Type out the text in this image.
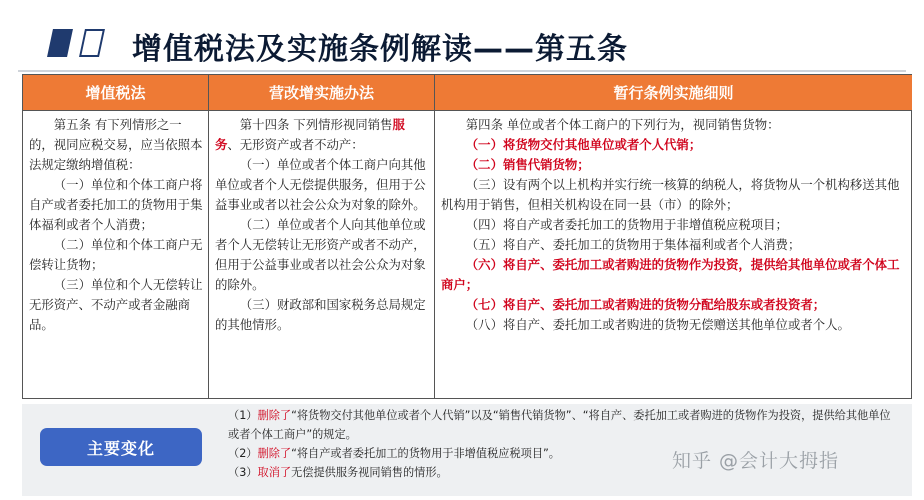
增值税法及实施条例解读——第五条
增值税法

第五条 有下列情形之一的，视同应税交易，应当依照本法规定缴纳增值税：

（一）单位和个体工商户将自产或者委托加工的货物用于集体福利或者个人消费；

（二）单位和个体工商户无偿转让货物；

（三）单位和个人无偿转让无形资产、不动产或者金融商品。

营改增实施办法

第十四条 下列情形视同销售服务、无形资产或者不动产：

（一）单位或者个体工商户向其他单位或者个人无偿提供服务，但用于公益事业或者以社会公众为对象的除外。

（二）单位或者个人向其他单位或者个人无偿转让无形资产或者不动产，但用于公益事业或者以社会公众为对象的除外。

（三）财政部和国家税务总局规定的其他情形。

暂行条例实施细则

第四条 单位或者个体工商户的下列行为，视同销售货物：

（一）将货物交付其他单位或者个人代销；

（二）销售代销货物；

（三）设有两个以上机构并实行统一核算的纳税人，将货物从一个机构移送其他机构用于销售，但相关机构设在同一县（市）的除外；

（四）将自产或者委托加工的货物用于非增值税应税项目；

（五）将自产、委托加工的货物用于集体福利或者个人消费；

（六）将自产、委托加工或者购进的货物作为投资，提供给其他单位或者个体工商户；

（七）将自产、委托加工或者购进的货物分配给股东或者投资者；

（八）将自产、委托加工或者购进的货物无偿赠送其他单位或者个人。

主要变化

（1）删除了“将货物交付其他单位或者个人代销”以及“销售代销货物”、“将自产、委托加工或者购进的货物作为投资，提供给其他单位或者个体工商户”的规定。

（2）删除了“将自产或者委托加工的货物用于非增值税应税项目”。

（3）取消了无偿提供服务视同销售的情形。

知乎 @会计大拇指
